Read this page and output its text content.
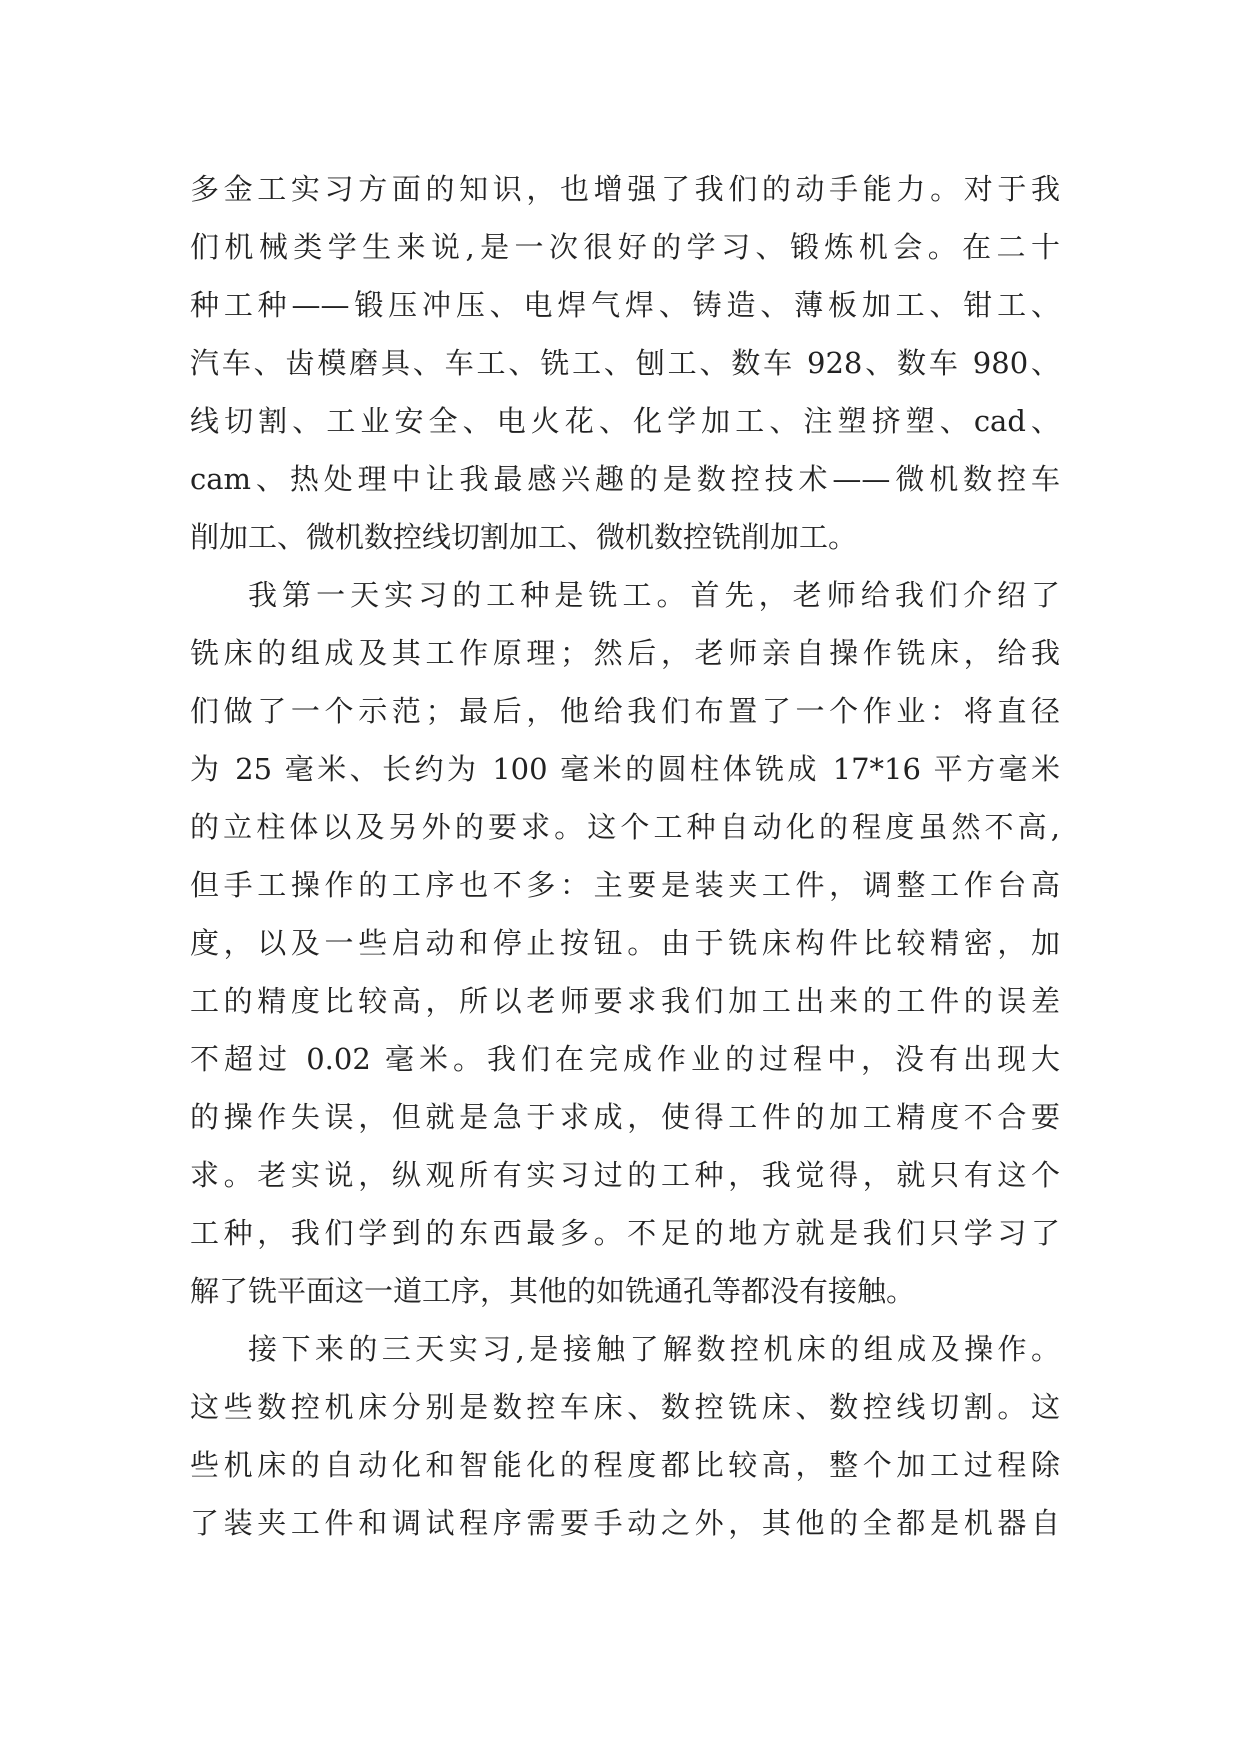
多金工实习方面的知识，也增强了我们的动手能力。对于我
们机械类学生来说,是一次很好的学习、锻炼机会。在二十
种工种——锻压冲压、电焊气焊、铸造、薄板加工、钳工、
汽车、齿模磨具、车工、铣工、刨工、数车 928、数车 980、
线切割、工业安全、电火花、化学加工、注塑挤塑、cad、
cam、热处理中让我最感兴趣的是数控技术——微机数控车
削加工、微机数控线切割加工、微机数控铣削加工。
我第一天实习的工种是铣工。首先，老师给我们介绍了
铣床的组成及其工作原理；然后，老师亲自操作铣床，给我
们做了一个示范；最后，他给我们布置了一个作业：将直径
为 25 毫米、长约为 100 毫米的圆柱体铣成 17*16 平方毫米
的立柱体以及另外的要求。这个工种自动化的程度虽然不高,
但手工操作的工序也不多：主要是装夹工件，调整工作台高
度，以及一些启动和停止按钮。由于铣床构件比较精密，加
工的精度比较高，所以老师要求我们加工出来的工件的误差
不超过 0.02 毫米。我们在完成作业的过程中，没有出现大
的操作失误，但就是急于求成，使得工件的加工精度不合要
求。老实说，纵观所有实习过的工种，我觉得，就只有这个
工种，我们学到的东西最多。不足的地方就是我们只学习了
解了铣平面这一道工序，其他的如铣通孔等都没有接触。
接下来的三天实习,是接触了解数控机床的组成及操作。
这些数控机床分别是数控车床、数控铣床、数控线切割。这
些机床的自动化和智能化的程度都比较高，整个加工过程除
了装夹工件和调试程序需要手动之外，其他的全都是机器自
